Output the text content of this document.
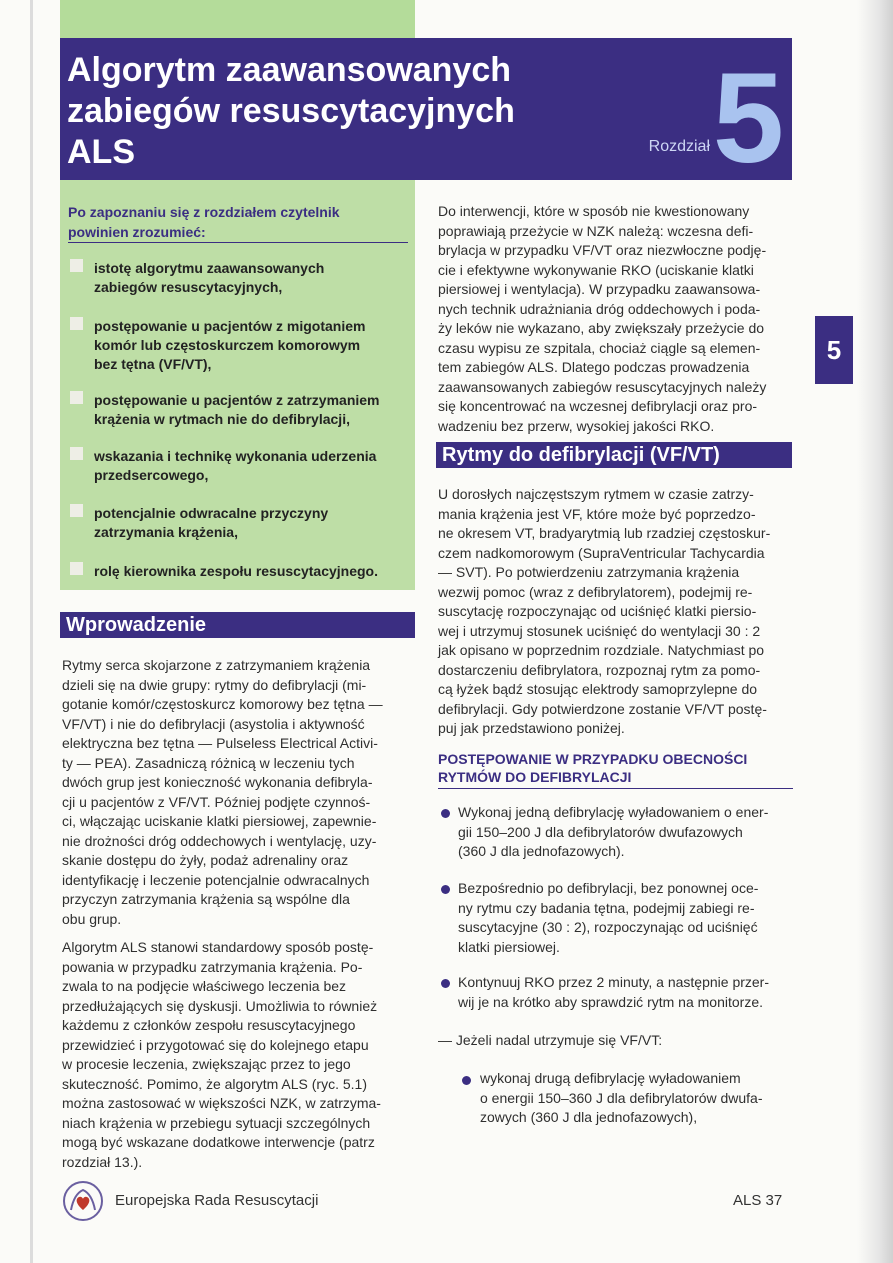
Algorytm zaawansowanych
zabiegów resuscytacyjnych
ALS	Rozdział 5
5
Po zapoznaniu się z rozdziałem czytelnik
powinien zrozumieć:
istotę algorytmu zaawansowanych
zabiegów resuscytacyjnych,
postępowanie u pacjentów z migotaniem
komór lub częstoskurczem komorowym
bez tętna (VF/VT),
postępowanie u pacjentów z zatrzymaniem
krążenia w rytmach nie do defibrylacji,
wskazania i technikę wykonania uderzenia
przedsercowego,
potencjalnie odwracalne przyczyny
zatrzymania krążenia,
rolę kierownika zespołu resuscytacyjnego.
Wprowadzenie
Rytmy serca skojarzone z zatrzymaniem krążenia
dzieli się na dwie grupy: rytmy do defibrylacji (mi-
gotanie komór/częstoskurcz komorowy bez tętna —
VF/VT) i nie do defibrylacji (asystolia i aktywność
elektryczna bez tętna — Pulseless Electrical Activi-
ty — PEA). Zasadniczą różnicą w leczeniu tych
dwóch grup jest konieczność wykonania defibryla-
cji u pacjentów z VF/VT. Później podjęte czynnoś-
ci, włączając uciskanie klatki piersiowej, zapewnie-
nie drożności dróg oddechowych i wentylację, uzy-
skanie dostępu do żyły, podaż adrenaliny oraz
identyfikację i leczenie potencjalnie odwracalnych
przyczyn zatrzymania krążenia są wspólne dla
obu grup.
Algorytm ALS stanowi standardowy sposób postę-
powania w przypadku zatrzymania krążenia. Po-
zwala to na podjęcie właściwego leczenia bez
przedłużających się dyskusji. Umożliwia to również
każdemu z członków zespołu resuscytacyjnego
przewidzieć i przygotować się do kolejnego etapu
w procesie leczenia, zwiększając przez to jego
skuteczność. Pomimo, że algorytm ALS (ryc. 5.1)
można zastosować w większości NZK, w zatrzyma-
niach krążenia w przebiegu sytuacji szczególnych
mogą być wskazane dodatkowe interwencje (patrz
rozdział 13.).
Do interwencji, które w sposób nie kwestionowany
poprawiają przeżycie w NZK należą: wczesna defi-
brylacja w przypadku VF/VT oraz niezwłoczne podję-
cie i efektywne wykonywanie RKO (uciskanie klatki
piersiowej i wentylacja). W przypadku zaawansowa-
nych technik udrażniania dróg oddechowych i poda-
ży leków nie wykazano, aby zwiększały przeżycie do
czasu wypisu ze szpitala, chociaż ciągle są elemen-
tem zabiegów ALS. Dlatego podczas prowadzenia
zaawansowanych zabiegów resuscytacyjnych należy
się koncentrować na wczesnej defibrylacji oraz pro-
wadzeniu bez przerw, wysokiej jakości RKO.
Rytmy do defibrylacji (VF/VT)
U dorosłych najczęstszym rytmem w czasie zatrzy-
mania krążenia jest VF, które może być poprzedzo-
ne okresem VT, bradyarytmią lub rzadziej częstoskur-
czem nadkomorowym (SupraVentricular Tachycardia
— SVT). Po potwierdzeniu zatrzymania krążenia
wezwij pomoc (wraz z defibrylatorem), podejmij re-
suscytację rozpoczynając od uciśnięć klatki piersio-
wej i utrzymuj stosunek uciśnięć do wentylacji 30 : 2
jak opisano w poprzednim rozdziale. Natychmiast po
dostarczeniu defibrylatora, rozpoznaj rytm za pomo-
cą łyżek bądź stosując elektrody samoprzylepne do
defibrylacji. Gdy potwierdzone zostanie VF/VT postę-
puj jak przedstawiono poniżej.
POSTĘPOWANIE W PRZYPADKU OBECNOŚCI
RYTMÓW DO DEFIBRYLACJI
Wykonaj jedną defibrylację wyładowaniem o ener-
gii 150–200 J dla defibrylatorów dwufazowych
(360 J dla jednofazowych).
Bezpośrednio po defibrylacji, bez ponownej oce-
ny rytmu czy badania tętna, podejmij zabiegi re-
suscytacyjne (30 : 2), rozpoczynając od uciśnięć
klatki piersiowej.
Kontynuuj RKO przez 2 minuty, a następnie przer-
wij je na krótko aby sprawdzić rytm na monitorze.
— Jeżeli nadal utrzymuje się VF/VT:
wykonaj drugą defibrylację wyładowaniem
o energii 150–360 J dla defibrylatorów dwufa-
zowych (360 J dla jednofazowych),
Europejska Rada Resuscytacji	ALS 37
